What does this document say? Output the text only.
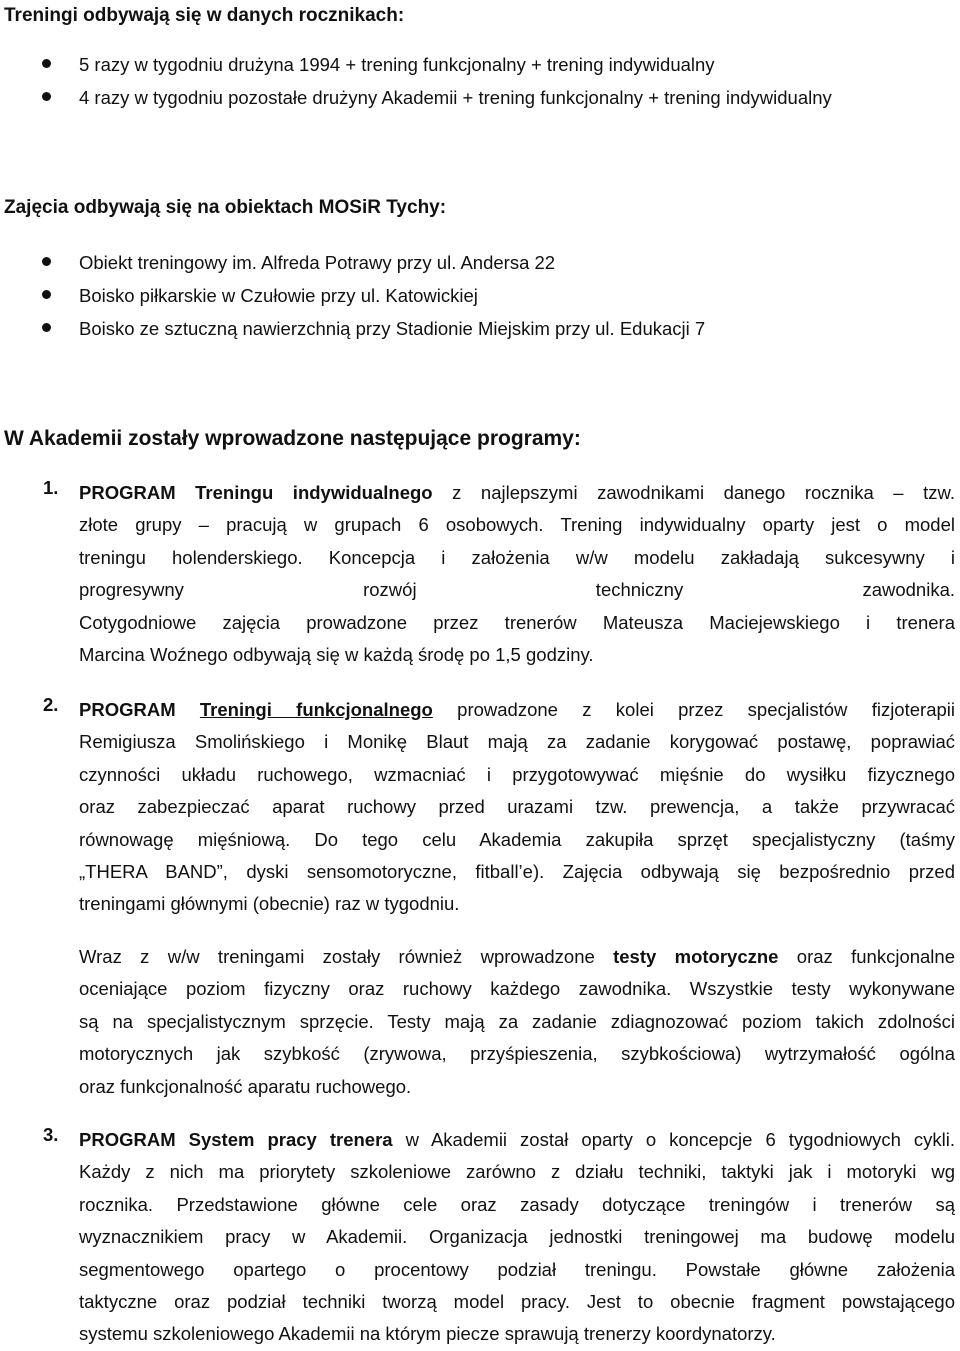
Treningi odbywają się w danych rocznikach:
5 razy w tygodniu drużyna 1994 + trening funkcjonalny + trening indywidualny
4 razy w tygodniu pozostałe drużyny Akademii + trening funkcjonalny + trening indywidualny
Zajęcia odbywają się na obiektach MOSiR Tychy:
Obiekt treningowy im. Alfreda Potrawy przy ul. Andersa 22
Boisko piłkarskie w Czułowie przy ul. Katowickiej
Boisko ze sztuczną nawierzchnią przy Stadionie Miejskim przy ul. Edukacji 7
W Akademii zostały wprowadzone następujące programy:
1. PROGRAM Treningu indywidualnego z najlepszymi zawodnikami danego rocznika – tzw.
złote grupy – pracują w grupach 6 osobowych. Trening indywidualny oparty jest o model
treningu holenderskiego. Koncepcja i założenia w/w modelu zakładają sukcesywny i
progresywny rozwój techniczny zawodnika.
Cotygodniowe zajęcia prowadzone przez trenerów Mateusza Maciejewskiego i trenera
Marcina Woźnego odbywają się w każdą środę po 1,5 godziny.
2. PROGRAM Treningi funkcjonalnego prowadzone z kolei przez specjalistów fizjoterapii
Remigiusza Smolińskiego i Monikę Blaut mają za zadanie korygować postawę, poprawiać
czynności układu ruchowego, wzmacniać i przygotowywać mięśnie do wysiłku fizycznego
oraz zabezpieczać aparat ruchowy przed urazami tzw. prewencja, a także przywracać
równowagę mięśniową. Do tego celu Akademia zakupiła sprzęt specjalistyczny (taśmy
„THERA BAND”, dyski sensomotoryczne, fitball’e). Zajęcia odbywają się bezpośrednio przed
treningami głównymi (obecnie) raz w tygodniu.
Wraz z w/w treningami zostały również wprowadzone testy motoryczne oraz funkcjonalne
oceniające poziom fizyczny oraz ruchowy każdego zawodnika. Wszystkie testy wykonywane
są na specjalistycznym sprzęcie. Testy mają za zadanie zdiagnozować poziom takich zdolności
motorycznych jak szybkość (zrywowa, przyśpieszenia, szybkościowa) wytrzymałość ogólna
oraz funkcjonalność aparatu ruchowego.
3. PROGRAM System pracy trenera w Akademii został oparty o koncepcje 6 tygodniowych cykli.
Każdy z nich ma priorytety szkoleniowe zarówno z działu techniki, taktyki jak i motoryki wg
rocznika. Przedstawione główne cele oraz zasady dotyczące treningów i trenerów są
wyznacznikiem pracy w Akademii. Organizacja jednostki treningowej ma budowę modelu
segmentowego opartego o procentowy podział treningu. Powstałe główne założenia
taktyczne oraz podział techniki tworzą model pracy. Jest to obecnie fragment powstającego
systemu szkoleniowego Akademii na którym piecze sprawują trenerzy koordynatorzy.
